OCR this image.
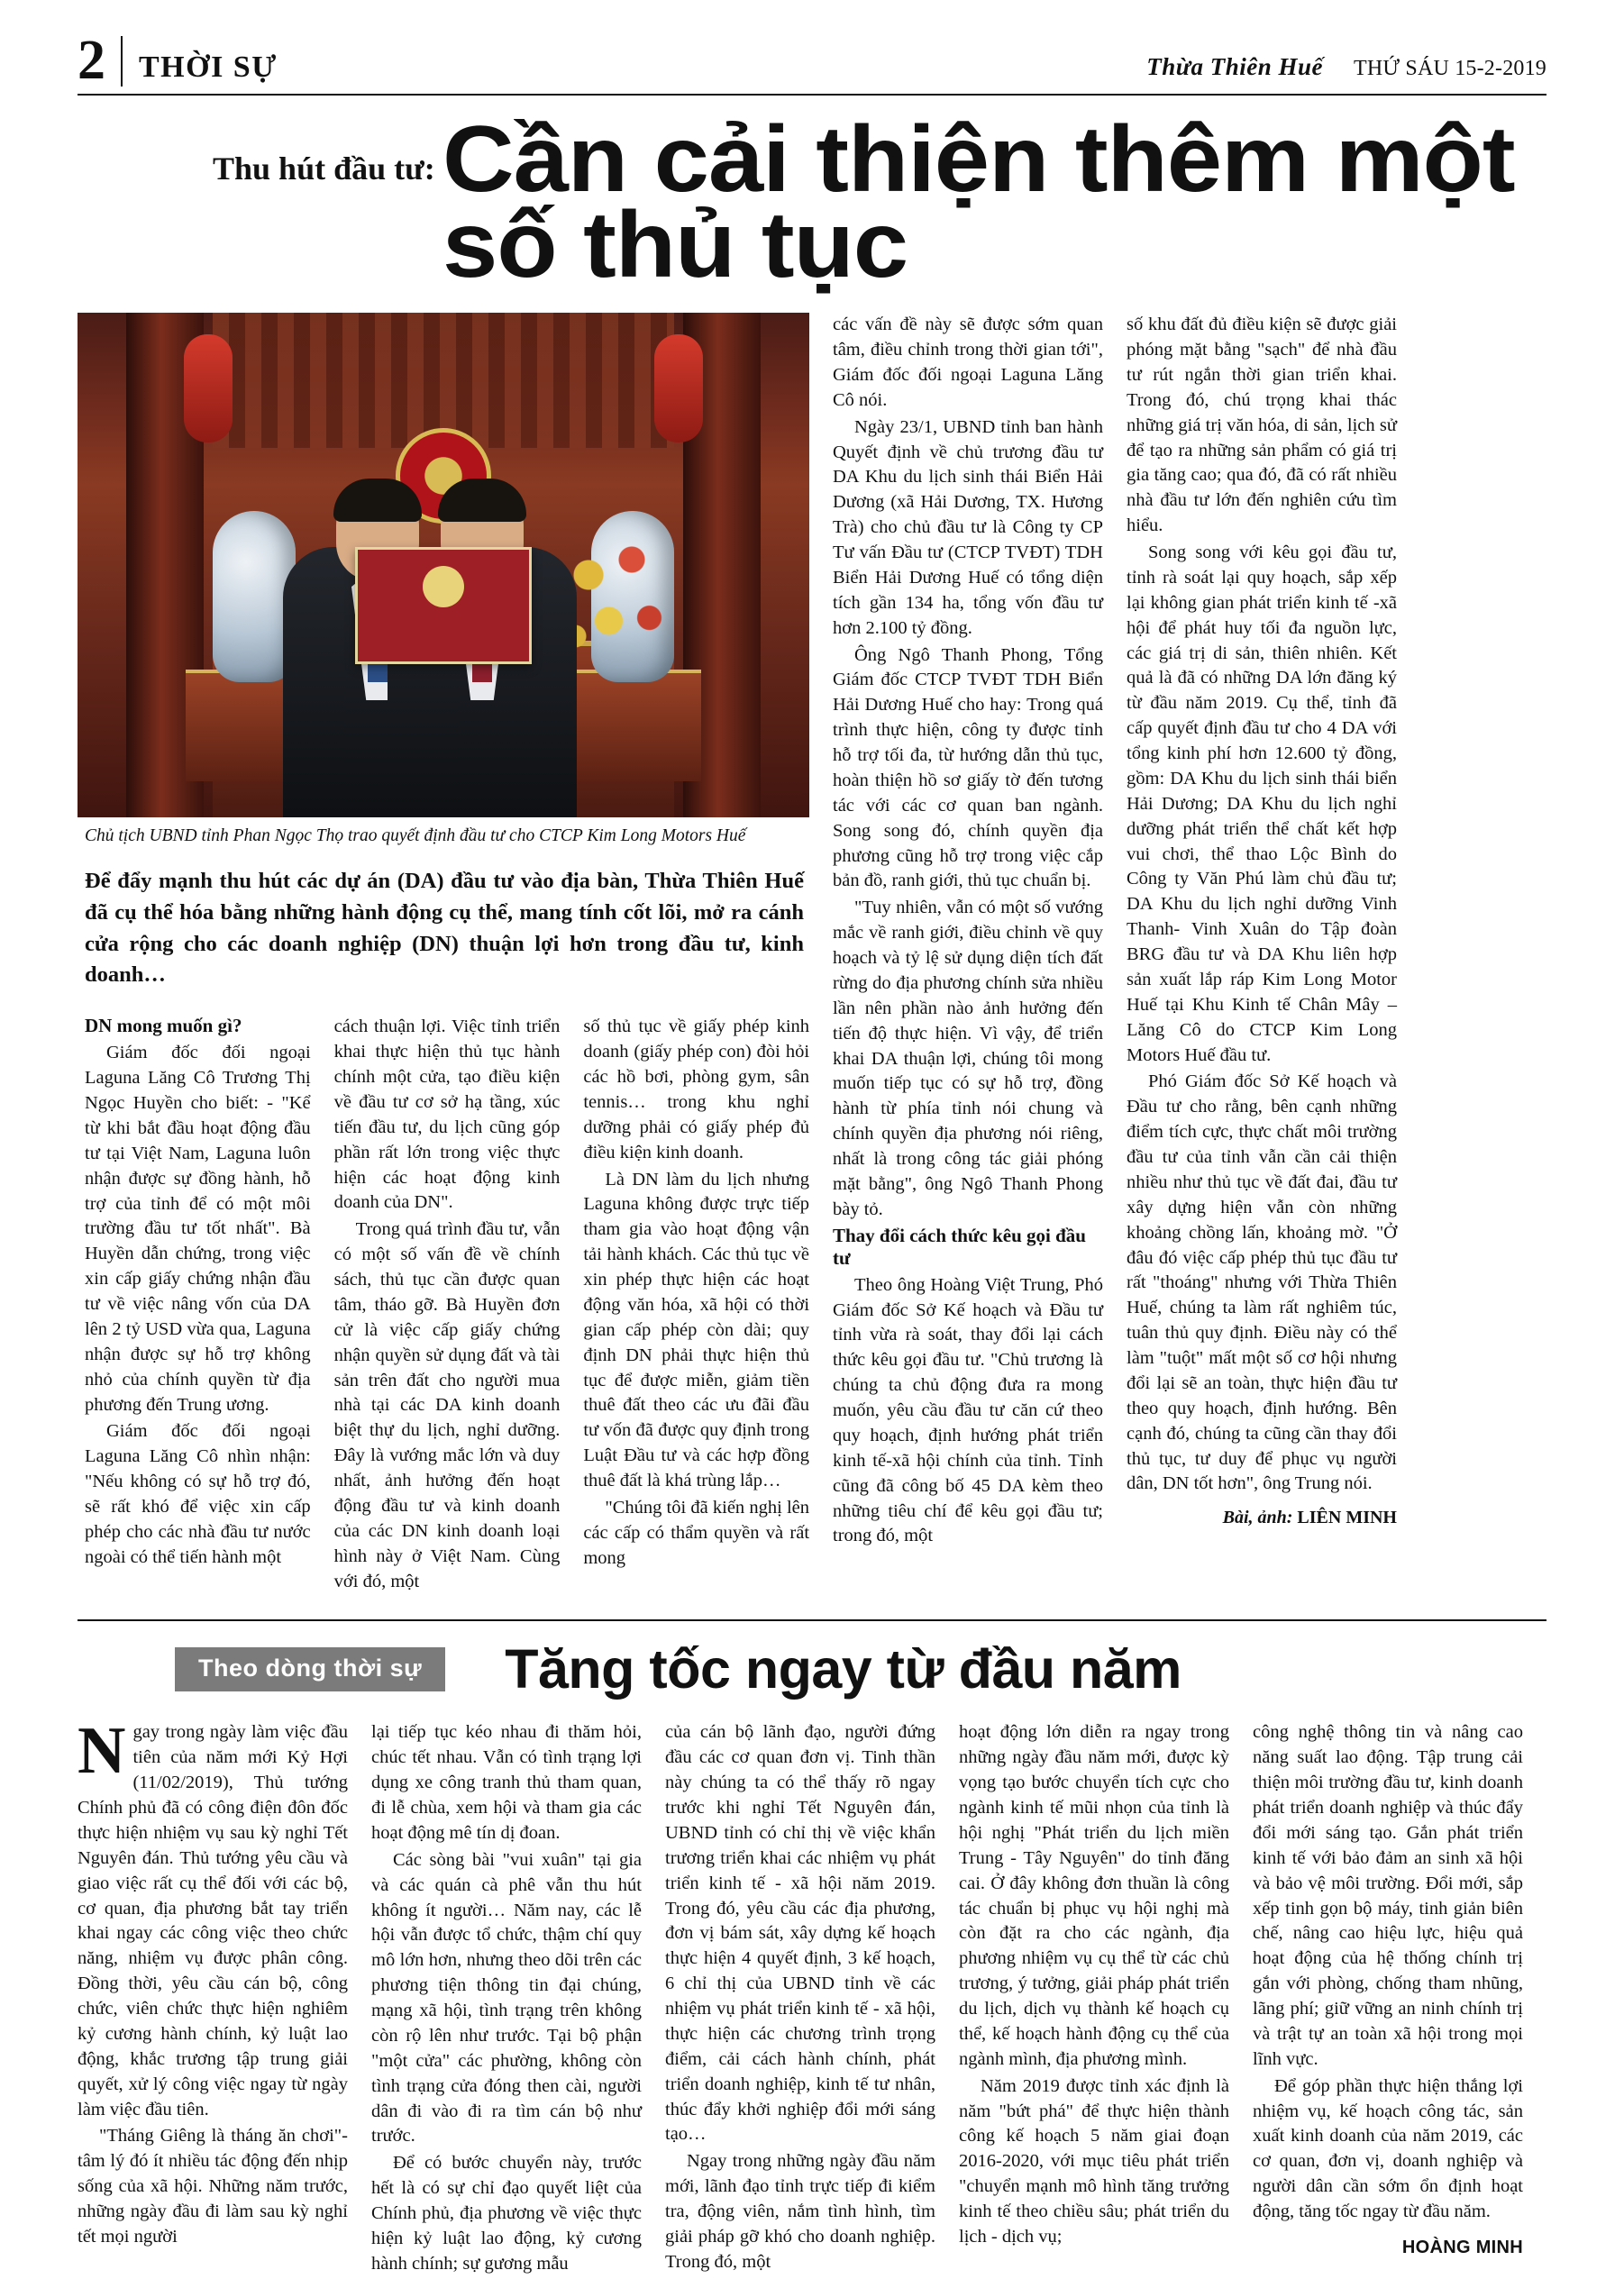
2	THỜI SỰ	Thừa Thiên Huế THỨ SÁU 15-2-2019
Thu hút đầu tư: Cần cải thiện thêm một số thủ tục
Chủ tịch UBND tỉnh Phan Ngọc Thọ trao quyết định đầu tư cho CTCP Kim Long Motors Huế
Để đẩy mạnh thu hút các dự án (DA) đầu tư vào địa bàn, Thừa Thiên Huế đã cụ thể hóa bằng những hành động cụ thể, mang tính cốt lõi, mở ra cánh cửa rộng cho các doanh nghiệp (DN) thuận lợi hơn trong đầu tư, kinh doanh…
DN mong muốn gì?

Giám đốc đối ngoại Laguna Lăng Cô Trương Thị Ngọc Huyền cho biết: - "Kể từ khi bắt đầu hoạt động đầu tư tại Việt Nam, Laguna luôn nhận được sự đồng hành, hỗ trợ của tỉnh để có một môi trường đầu tư tốt nhất". Bà Huyền dẫn chứng, trong việc xin cấp giấy chứng nhận đầu tư về việc nâng vốn của DA lên 2 tỷ USD vừa qua, Laguna nhận được sự hỗ trợ không nhỏ của chính quyền từ địa phương đến Trung ương.

Giám đốc đối ngoại Laguna Lăng Cô nhìn nhận: "Nếu không có sự hỗ trợ đó, sẽ rất khó để việc xin cấp phép cho các nhà đầu tư nước ngoài có thể tiến hành một

cách thuận lợi. Việc tỉnh triển khai thực hiện thủ tục hành chính một cửa, tạo điều kiện về đầu tư cơ sở hạ tầng, xúc tiến đầu tư, du lịch cũng góp phần rất lớn trong việc thực hiện các hoạt động kinh doanh của DN".

Trong quá trình đầu tư, vẫn có một số vấn đề về chính sách, thủ tục cần được quan tâm, tháo gỡ. Bà Huyền đơn cử là việc cấp giấy chứng nhận quyền sử dụng đất và tài sản trên đất cho người mua nhà tại các DA kinh doanh biệt thự du lịch, nghỉ dưỡng. Đây là vướng mắc lớn và duy nhất, ảnh hưởng đến hoạt động đầu tư và kinh doanh của các DN kinh doanh loại hình này ở Việt Nam. Cùng với đó, một

số thủ tục về giấy phép kinh doanh (giấy phép con) đòi hỏi các hồ bơi, phòng gym, sân tennis… trong khu nghỉ dưỡng phải có giấy phép đủ điều kiện kinh doanh.

Là DN làm du lịch nhưng Laguna không được trực tiếp tham gia vào hoạt động vận tải hành khách. Các thủ tục về xin phép thực hiện các hoạt động văn hóa, xã hội có thời gian cấp phép còn dài; quy định DN phải thực hiện thủ tục để được miễn, giảm tiền thuê đất theo các ưu đãi đầu tư vốn đã được quy định trong Luật Đầu tư và các hợp đồng thuê đất là khá trùng lắp…

"Chúng tôi đã kiến nghị lên các cấp có thẩm quyền và rất mong

các vấn đề này sẽ được sớm quan tâm, điều chỉnh trong thời gian tới", Giám đốc đối ngoại Laguna Lăng Cô nói.

Ngày 23/1, UBND tỉnh ban hành Quyết định về chủ trương đầu tư DA Khu du lịch sinh thái Biển Hải Dương (xã Hải Dương, TX. Hương Trà) cho chủ đầu tư là Công ty CP Tư vấn Đầu tư (CTCP TVĐT) TDH Biển Hải Dương Huế có tổng diện tích gần 134 ha, tổng vốn đầu tư hơn 2.100 tỷ đồng.

Ông Ngô Thanh Phong, Tổng Giám đốc CTCP TVĐT TDH Biển Hải Dương Huế cho hay: Trong quá trình thực hiện, công ty được tỉnh hỗ trợ tối đa, từ hướng dẫn thủ tục, hoàn thiện hồ sơ giấy tờ đến tương tác với các cơ quan ban ngành. Song song đó, chính quyền địa phương cũng hỗ trợ trong việc cắp bản đồ, ranh giới, thủ tục chuẩn bị.

"Tuy nhiên, vẫn có một số vướng mắc về ranh giới, điều chỉnh về quy hoạch và tỷ lệ sử dụng diện tích đất rừng do địa phương chính sửa nhiều lần nên phần nào ảnh hưởng đến tiến độ thực hiện. Vì vậy, để triển khai DA thuận lợi, chúng tôi mong muốn tiếp tục có sự hỗ trợ, đồng hành từ phía tỉnh nói chung và chính quyền địa phương nói riêng, nhất là trong công tác giải phóng mặt bằng", ông Ngô Thanh Phong bày tỏ.

Thay đổi cách thức kêu gọi đầu tư

Theo ông Hoàng Việt Trung, Phó Giám đốc Sở Kế hoạch và Đầu tư tỉnh vừa rà soát, thay đổi lại cách thức kêu gọi đầu tư. "Chủ trương là chúng ta chủ động đưa ra mong muốn, yêu cầu đầu tư căn cứ theo quy hoạch, định hướng phát triển kinh tế-xã hội chính của tỉnh. Tỉnh cũng đã công bố 45 DA kèm theo những tiêu chí để kêu gọi đầu tư; trong đó, một

số khu đất đủ điều kiện sẽ được giải phóng mặt bằng "sạch" để nhà đầu tư rút ngắn thời gian triển khai. Trong đó, chú trọng khai thác những giá trị văn hóa, di sản, lịch sử để tạo ra những sản phẩm có giá trị gia tăng cao; qua đó, đã có rất nhiều nhà đầu tư lớn đến nghiên cứu tìm hiểu.

Song song với kêu gọi đầu tư, tỉnh rà soát lại quy hoạch, sắp xếp lại không gian phát triển kinh tế -xã hội để phát huy tối đa nguồn lực, các giá trị di sản, thiên nhiên. Kết quả là đã có những DA lớn đăng ký từ đầu năm 2019. Cụ thể, tỉnh đã cấp quyết định đầu tư cho 4 DA với tổng kinh phí hơn 12.600 tỷ đồng, gồm: DA Khu du lịch sinh thái biển Hải Dương; DA Khu du lịch nghỉ dưỡng phát triển thể chất kết hợp vui chơi, thể thao Lộc Bình do Công ty Văn Phú làm chủ đầu tư; DA Khu du lịch nghỉ dưỡng Vinh Thanh- Vinh Xuân do Tập đoàn BRG đầu tư và DA Khu liên hợp sản xuất lắp ráp Kim Long Motor Huế tại Khu Kinh tế Chân Mây – Lăng Cô do CTCP Kim Long Motors Huế đầu tư.

Phó Giám đốc Sở Kế hoạch và Đầu tư cho rằng, bên cạnh những điểm tích cực, thực chất môi trường đầu tư của tỉnh vẫn cần cải thiện nhiều như thủ tục về đất đai, đầu tư xây dựng hiện vẫn còn những khoảng chồng lấn, khoảng mờ. "Ở đâu đó việc cấp phép thủ tục đầu tư rất "thoáng" nhưng với Thừa Thiên Huế, chúng ta làm rất nghiêm túc, tuân thủ quy định. Điều này có thể làm "tuột" mất một số cơ hội nhưng đổi lại sẽ an toàn, thực hiện đầu tư theo quy hoạch, định hướng. Bên cạnh đó, chúng ta cũng cần thay đổi thủ tục, tư duy để phục vụ người dân, DN tốt hơn", ông Trung nói.

Bài, ảnh: LIÊN MINH
Theo dòng thời sự	Tăng tốc ngay từ đầu năm

Ngay trong ngày làm việc đầu tiên của năm mới Kỷ Hợi (11/02/2019), Thủ tướng Chính phủ đã có công điện đôn đốc thực hiện nhiệm vụ sau kỳ nghỉ Tết Nguyên đán. Thủ tướng yêu cầu và giao việc rất cụ thể đối với các bộ, cơ quan, địa phương bắt tay triển khai ngay các công việc theo chức năng, nhiệm vụ được phân công. Đồng thời, yêu cầu cán bộ, công chức, viên chức thực hiện nghiêm kỷ cương hành chính, kỷ luật lao động, khắc trương tập trung giải quyết, xử lý công việc ngay từ ngày làm việc đầu tiên.

"Tháng Giêng là tháng ăn chơi"- tâm lý đó ít nhiều tác động đến nhịp sống của xã hội. Những năm trước, những ngày đầu đi làm sau kỳ nghỉ tết mọi người

lại tiếp tục kéo nhau đi thăm hỏi, chúc tết nhau. Vẫn có tình trạng lợi dụng xe công tranh thủ tham quan, đi lễ chùa, xem hội và tham gia các hoạt động mê tín dị đoan.

Các sòng bài "vui xuân" tại gia và các quán cà phê vẫn thu hút không ít người… Năm nay, các lễ hội vẫn được tổ chức, thậm chí quy mô lớn hơn, nhưng theo dõi trên các phương tiện thông tin đại chúng, mạng xã hội, tình trạng trên không còn rộ lên như trước. Tại bộ phận "một cửa" các phường, không còn tình trạng cửa đóng then cài, người dân đi vào đi ra tìm cán bộ như trước.

Để có bước chuyển này, trước hết là có sự chỉ đạo quyết liệt của Chính phủ, địa phương về việc thực hiện kỷ luật lao động, kỷ cương hành chính; sự gương mẫu

của cán bộ lãnh đạo, người đứng đầu các cơ quan đơn vị. Tinh thần này chúng ta có thể thấy rõ ngay trước khi nghỉ Tết Nguyên đán, UBND tỉnh có chỉ thị về việc khẩn trương triển khai các nhiệm vụ phát triển kinh tế - xã hội năm 2019. Trong đó, yêu cầu các địa phương, đơn vị bám sát, xây dựng kế hoạch thực hiện 4 quyết định, 3 kế hoạch, 6 chỉ thị của UBND tỉnh về các nhiệm vụ phát triển kinh tế - xã hội, thực hiện các chương trình trọng điểm, cải cách hành chính, phát triển doanh nghiệp, kinh tế tư nhân, thúc đẩy khởi nghiệp đổi mới sáng tạo…

Ngay trong những ngày đầu năm mới, lãnh đạo tỉnh trực tiếp đi kiểm tra, động viên, nắm tình hình, tìm giải pháp gỡ khó cho doanh nghiệp. Trong đó, một

hoạt động lớn diễn ra ngay trong những ngày đầu năm mới, được kỳ vọng tạo bước chuyển tích cực cho ngành kinh tế mũi nhọn của tỉnh là hội nghị "Phát triển du lịch miền Trung - Tây Nguyên" do tỉnh đăng cai. Ở đây không đơn thuần là công tác chuẩn bị phục vụ hội nghị mà còn đặt ra cho các ngành, địa phương nhiệm vụ cụ thể từ các chủ trương, ý tưởng, giải pháp phát triển du lịch, dịch vụ thành kế hoạch cụ thể, kế hoạch hành động cụ thể của ngành mình, địa phương mình.

Năm 2019 được tỉnh xác định là năm "bứt phá" để thực hiện thành công kế hoạch 5 năm giai đoạn 2016-2020, với mục tiêu phát triển "chuyển mạnh mô hình tăng trưởng kinh tế theo chiều sâu; phát triển du lịch - dịch vụ;

công nghệ thông tin và nâng cao năng suất lao động. Tập trung cải thiện môi trường đầu tư, kinh doanh phát triển doanh nghiệp và thúc đẩy đổi mới sáng tạo. Gắn phát triển kinh tế với bảo đảm an sinh xã hội và bảo vệ môi trường. Đổi mới, sắp xếp tinh gọn bộ máy, tinh giản biên chế, nâng cao hiệu lực, hiệu quả hoạt động của hệ thống chính trị gắn với phòng, chống tham nhũng, lãng phí; giữ vững an ninh chính trị và trật tự an toàn xã hội trong mọi lĩnh vực.

Để góp phần thực hiện thắng lợi nhiệm vụ, kế hoạch công tác, sản xuất kinh doanh của năm 2019, các cơ quan, đơn vị, doanh nghiệp và người dân cần sớm ổn định hoạt động, tăng tốc ngay từ đầu năm.

HOÀNG MINH
